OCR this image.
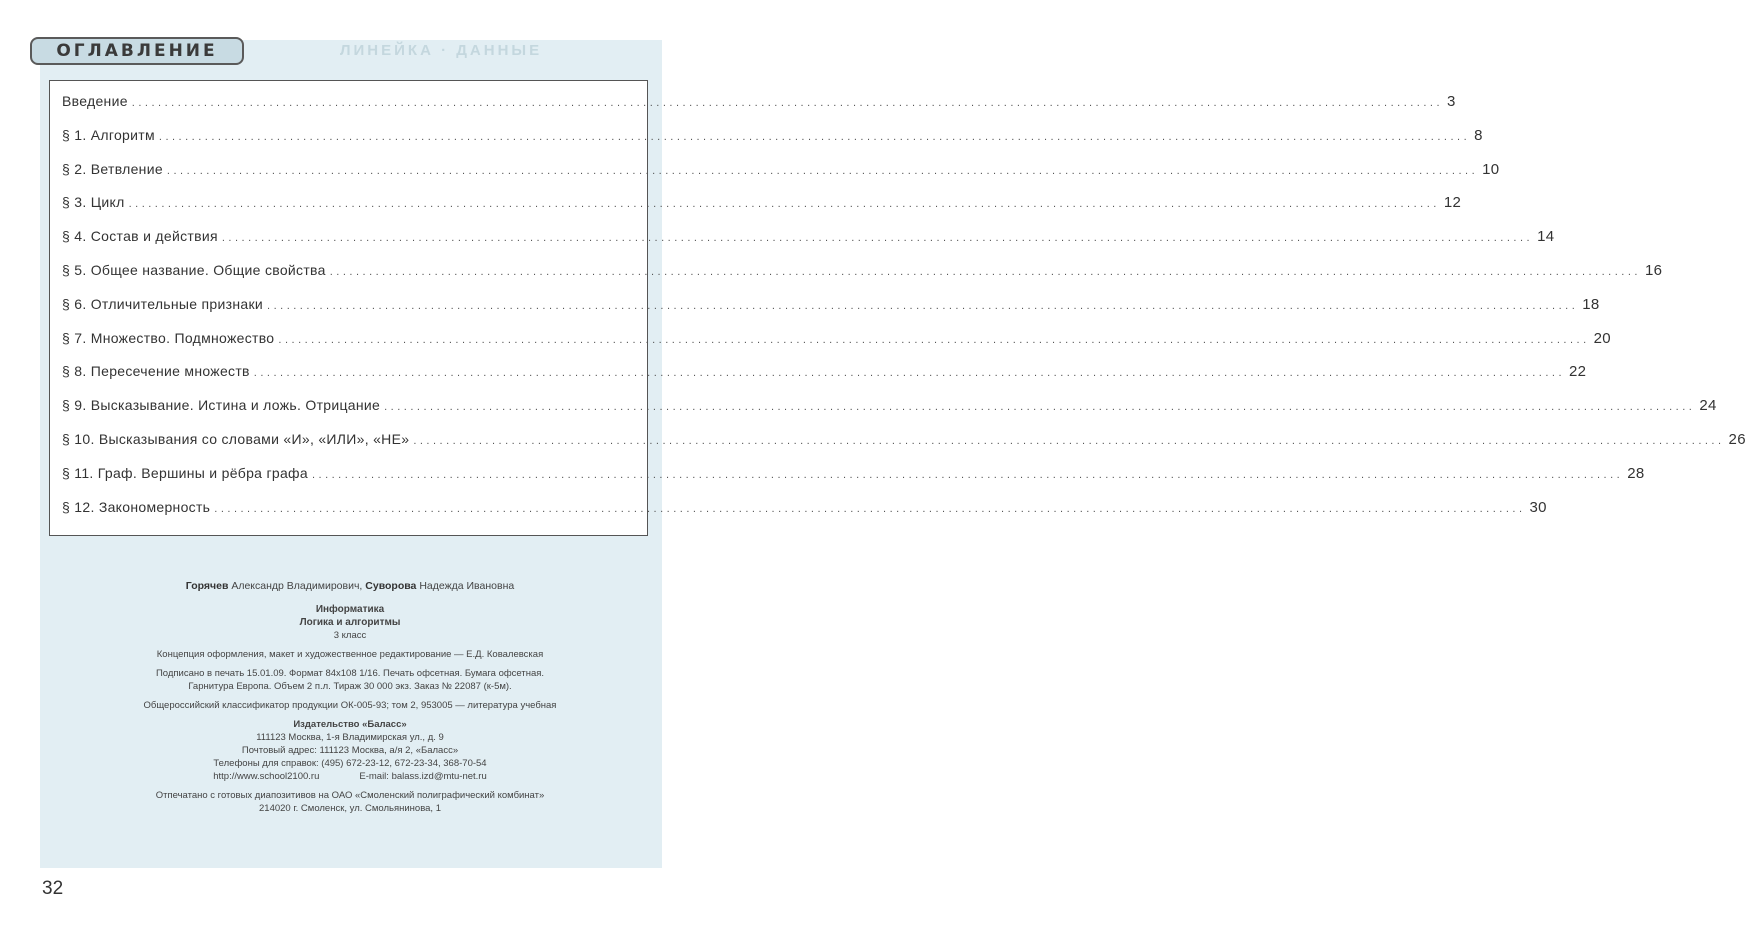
ЛИНЕЙКА · ДАННЫЕ
ОГЛАВЛЕНИЕ
Введение ........................................................................................................................................................................................................ 3
§ 1. Алгоритм ........................................................................................................................................................................................................ 8
§ 2. Ветвление ........................................................................................................................................................................................................ 10
§ 3. Цикл ........................................................................................................................................................................................................ 12
§ 4. Состав и действия ........................................................................................................................................................................................................ 14
§ 5. Общее название. Общие свойства ........................................................................................................................................................................................................ 16
§ 6. Отличительные признаки ........................................................................................................................................................................................................ 18
§ 7. Множество. Подмножество ........................................................................................................................................................................................................ 20
§ 8. Пересечение множеств ........................................................................................................................................................................................................ 22
§ 9. Высказывание. Истина и ложь. Отрицание ........................................................................................................................................................................................................ 24
§ 10. Высказывания со словами «И», «ИЛИ», «НЕ» ........................................................................................................................................................................................................ 26
§ 11. Граф. Вершины и рёбра графа ........................................................................................................................................................................................................ 28
§ 12. Закономерность ........................................................................................................................................................................................................ 30
Горячев Александр Владимирович, Суворова Надежда Ивановна
Информатика
Логика и алгоритмы
3 класс
Концепция оформления, макет и художественное редактирование — Е.Д. Ковалевская
Подписано в печать 15.01.09. Формат 84х108 1/16. Печать офсетная. Бумага офсетная.
Гарнитура Европа. Объем 2 п.л. Тираж 30 000 экз. Заказ № 22087 (к-5м).
Общероссийский классификатор продукции ОК-005-93; том 2, 953005 — литература учебная
Издательство «Баласс»
111123 Москва, 1-я Владимирская ул., д. 9
Почтовый адрес: 111123 Москва, а/я 2, «Баласс»
Телефоны для справок: (495) 672-23-12, 672-23-34, 368-70-54
http://www.school2100.ru	E-mail: balass.izd@mtu-net.ru
Отпечатано с готовых диапозитивов на ОАО «Смоленский полиграфический комбинат»
214020 г. Смоленск, ул. Смольянинова, 1
32
